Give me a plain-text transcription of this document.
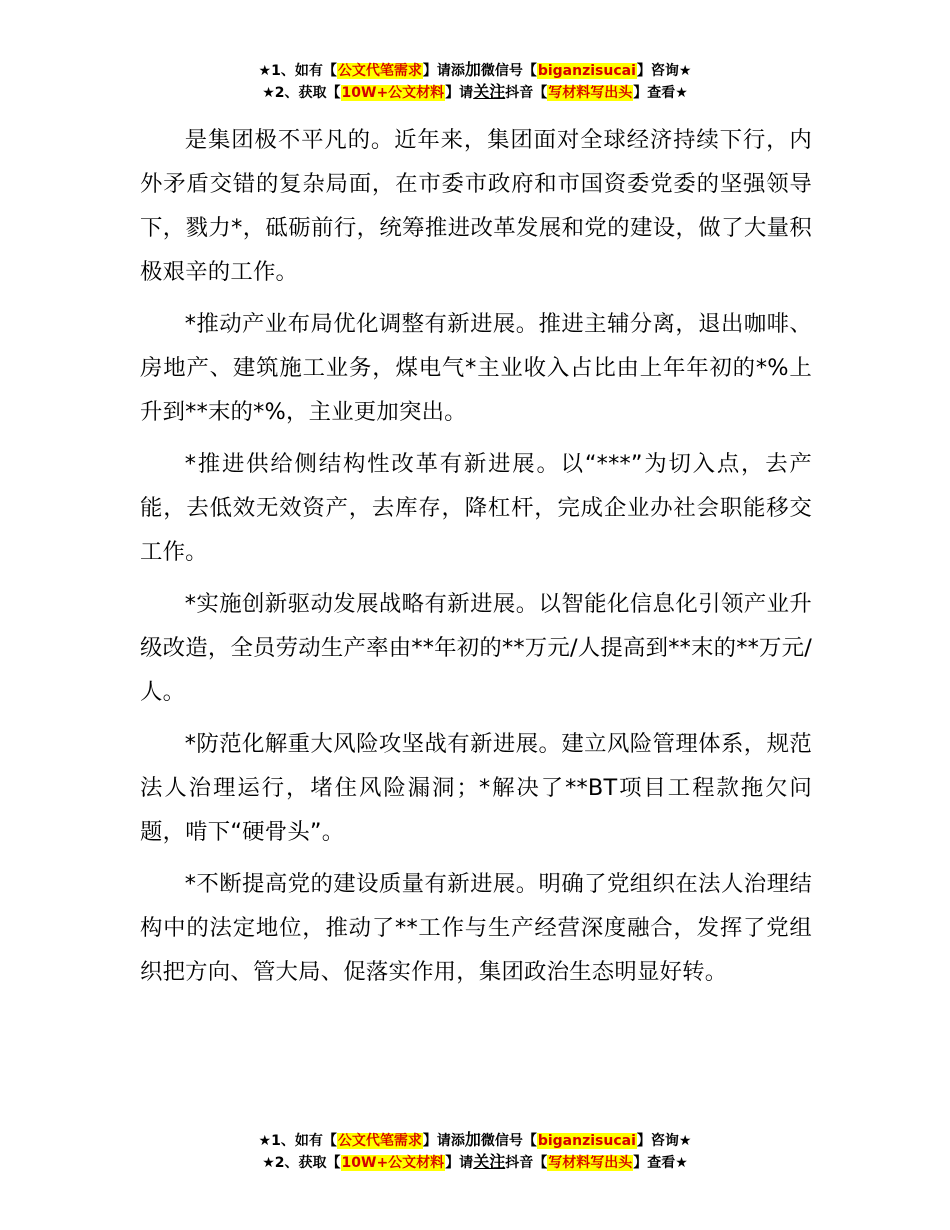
★1、如有【公文代笔需求】请添加微信号【biganzisucai】咨询★
★2、获取【10W+公文材料】请关注抖音【写材料写出头】查看★

是集团极不平凡的。近年来，集团面对全球经济持续下行，内外矛盾交错的复杂局面，在市委市政府和市国资委党委的坚强领导下，戮力*，砥砺前行，统筹推进改革发展和党的建设，做了大量积极艰辛的工作。

*推动产业布局优化调整有新进展。推进主辅分离，退出咖啡、房地产、建筑施工业务，煤电气*主业收入占比由上年年初的*%上升到**末的*%，主业更加突出。

*推进供给侧结构性改革有新进展。以“***”为切入点，去产能，去低效无效资产，去库存，降杠杆，完成企业办社会职能移交工作。

*实施创新驱动发展战略有新进展。以智能化信息化引领产业升级改造，全员劳动生产率由**年初的**万元/人提高到**末的**万元/人。

*防范化解重大风险攻坚战有新进展。建立风险管理体系，规范法人治理运行，堵住风险漏洞；*解决了**BT项目工程款拖欠问题，啃下“硬骨头”。

*不断提高党的建设质量有新进展。明确了党组织在法人治理结构中的法定地位，推动了**工作与生产经营深度融合，发挥了党组织把方向、管大局、促落实作用，集团政治生态明显好转。

★1、如有【公文代笔需求】请添加微信号【biganzisucai】咨询★
★2、获取【10W+公文材料】请关注抖音【写材料写出头】查看★
